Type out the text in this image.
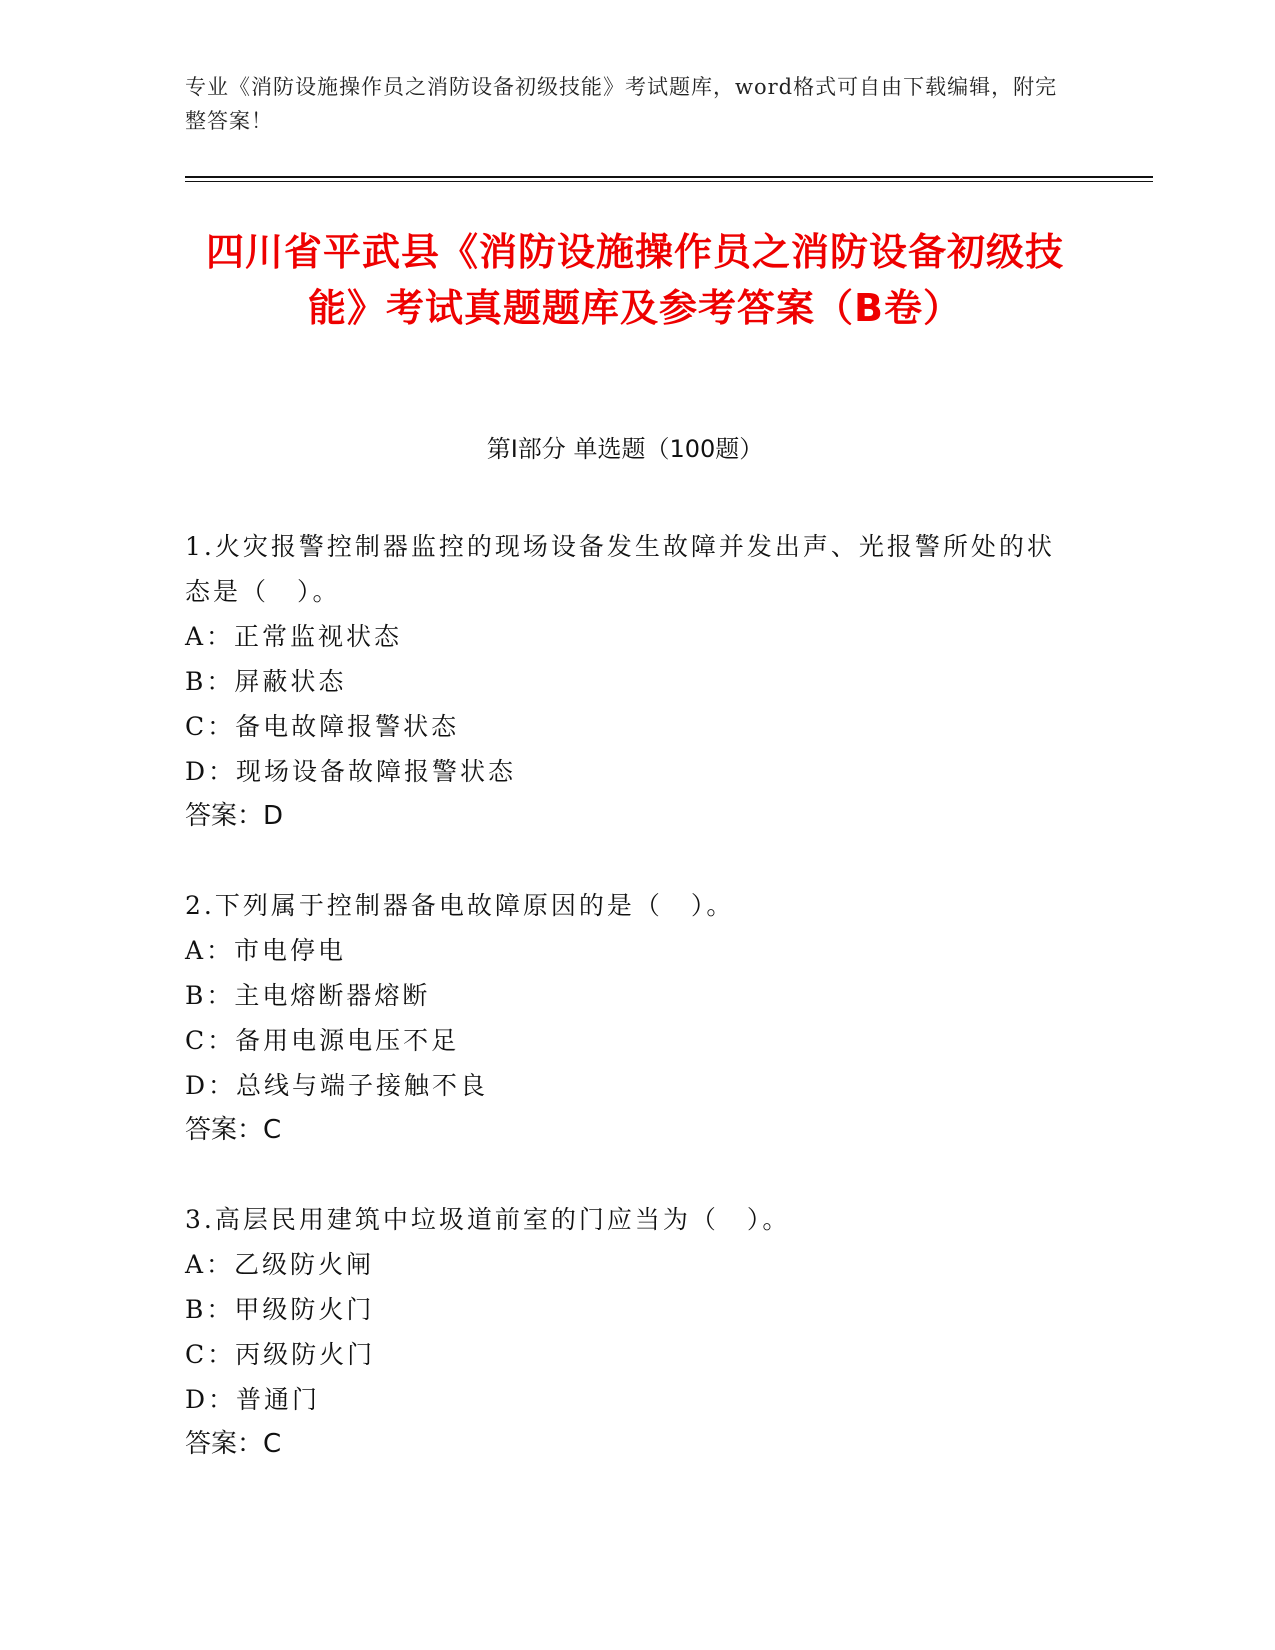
专业《消防设施操作员之消防设备初级技能》考试题库，word格式可自由下载编辑，附完整答案！
四川省平武县《消防设施操作员之消防设备初级技能》考试真题题库及参考答案（B卷）
第I部分 单选题（100题）

1.火灾报警控制器监控的现场设备发生故障并发出声、光报警所处的状态是（　）。

A：正常监视状态

B：屏蔽状态

C：备电故障报警状态

D：现场设备故障报警状态

答案：D

2.下列属于控制器备电故障原因的是（　）。

A：市电停电

B：主电熔断器熔断

C：备用电源电压不足

D：总线与端子接触不良

答案：C

3.高层民用建筑中垃圾道前室的门应当为（　）。

A：乙级防火闸

B：甲级防火门

C：丙级防火门

D：普通门

答案：C
